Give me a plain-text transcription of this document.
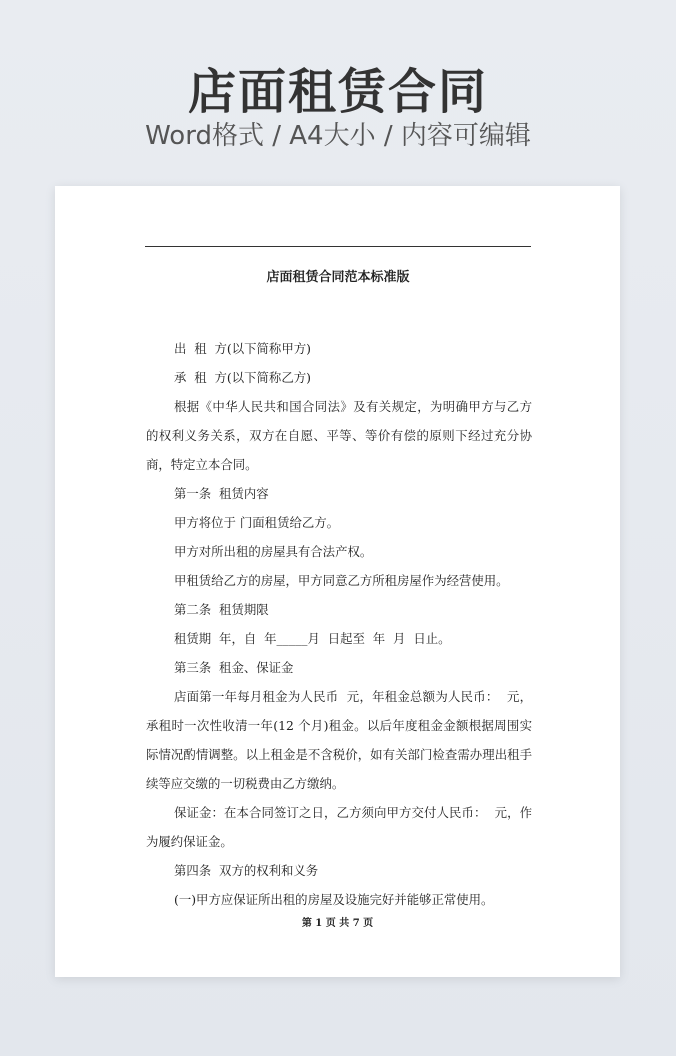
店面租赁合同
Word格式 / A4大小 / 内容可编辑
店面租赁合同范本标准版

出  租  方(以下简称甲方)

承  租  方(以下简称乙方)

根据《中华人民共和国合同法》及有关规定，为明确甲方与乙方的权利义务关系，双方在自愿、平等、等价有偿的原则下经过充分协商，特定立本合同。

第一条  租赁内容

甲方将位于 门面租赁给乙方。

甲方对所出租的房屋具有合法产权。

甲租赁给乙方的房屋，甲方同意乙方所租房屋作为经营使用。

第二条  租赁期限

租赁期  年，自  年_____月  日起至  年  月  日止。

第三条  租金、保证金

店面第一年每月租金为人民币  元，年租金总额为人民币：  元，承租时一次性收清一年(12 个月)租金。以后年度租金金额根据周围实际情况酌情调整。以上租金是不含税价，如有关部门检查需办理出租手续等应交缴的一切税费由乙方缴纳。

保证金：在本合同签订之日，乙方须向甲方交付人民币：  元，作为履约保证金。

第四条  双方的权利和义务

(一)甲方应保证所出租的房屋及设施完好并能够正常使用。

第 1 页 共 7 页
